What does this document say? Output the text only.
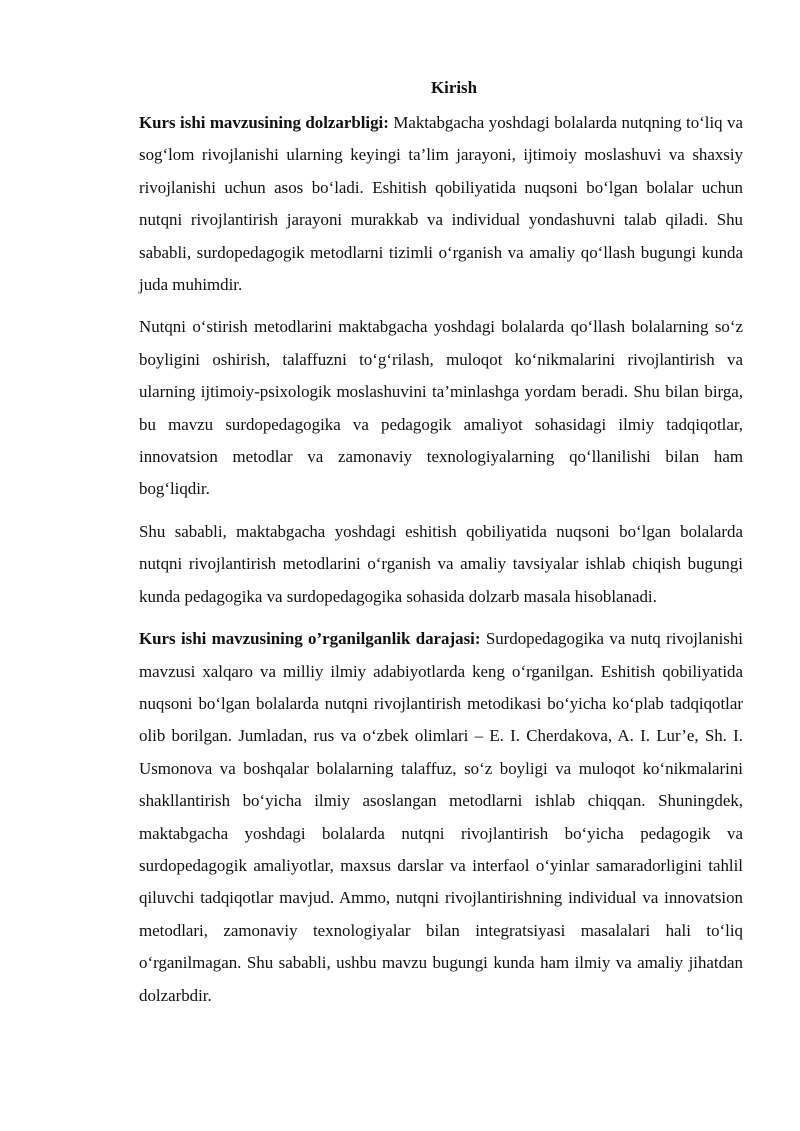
Kirish

Kurs ishi mavzusining dolzarbligi: Maktabgacha yoshdagi bolalarda nutqning to‘liq va sog‘lom rivojlanishi ularning keyingi ta’lim jarayoni, ijtimoiy moslashuvi va shaxsiy rivojlanishi uchun asos bo‘ladi. Eshitish qobiliyatida nuqsoni bo‘lgan bolalar uchun nutqni rivojlantirish jarayoni murakkab va individual yondashuvni talab qiladi. Shu sababli, surdopedagogik metodlarni tizimli o‘rganish va amaliy qo‘llash bugungi kunda juda muhimdir.

Nutqni o‘stirish metodlarini maktabgacha yoshdagi bolalarda qo‘llash bolalarning so‘z boyligini oshirish, talaffuzni to‘g‘rilash, muloqot ko‘nikmalarini rivojlantirish va ularning ijtimoiy-psixologik moslashuvini ta’minlashga yordam beradi. Shu bilan birga, bu mavzu surdopedagogika va pedagogik amaliyot sohasidagi ilmiy tadqiqotlar, innovatsion metodlar va zamonaviy texnologiyalarning qo‘llanilishi bilan ham bog‘liqdir.

Shu sababli, maktabgacha yoshdagi eshitish qobiliyatida nuqsoni bo‘lgan bolalarda nutqni rivojlantirish metodlarini o‘rganish va amaliy tavsiyalar ishlab chiqish bugungi kunda pedagogika va surdopedagogika sohasida dolzarb masala hisoblanadi.

Kurs ishi mavzusining o’rganilganlik darajasi: Surdopedagogika va nutq rivojlanishi mavzusi xalqaro va milliy ilmiy adabiyotlarda keng o‘rganilgan. Eshitish qobiliyatida nuqsoni bo‘lgan bolalarda nutqni rivojlantirish metodikasi bo‘yicha ko‘plab tadqiqotlar olib borilgan. Jumladan, rus va o‘zbek olimlari – E. I. Cherdakova, A. I. Lur’e, Sh. I. Usmonova va boshqalar bolalarning talaffuz, so‘z boyligi va muloqot ko‘nikmalarini shakllantirish bo‘yicha ilmiy asoslangan metodlarni ishlab chiqqan. Shuningdek, maktabgacha yoshdagi bolalarda nutqni rivojlantirish bo‘yicha pedagogik va surdopedagogik amaliyotlar, maxsus darslar va interfaol o‘yinlar samaradorligini tahlil qiluvchi tadqiqotlar mavjud. Ammo, nutqni rivojlantirishning individual va innovatsion metodlari, zamonaviy texnologiyalar bilan integratsiyasi masalalari hali to‘liq o‘rganilmagan. Shu sababli, ushbu mavzu bugungi kunda ham ilmiy va amaliy jihatdan dolzarbdir.
